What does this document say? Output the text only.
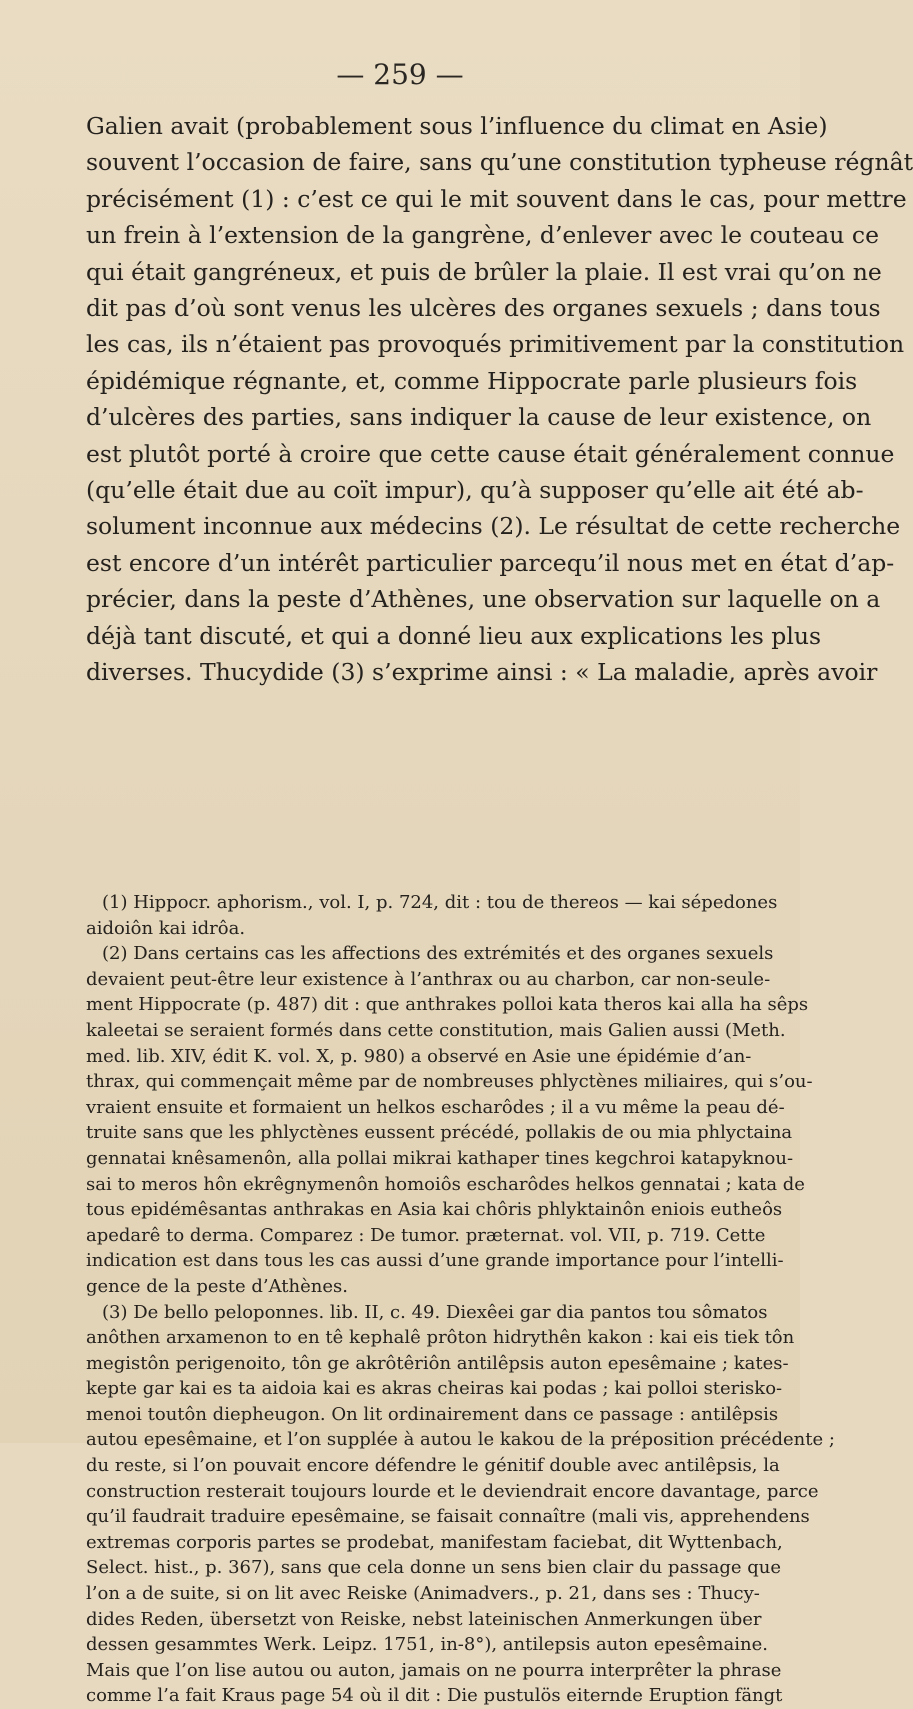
— 259 —
Galien avait (probablement sous l’influence du climat en Asie)
souvent l’occasion de faire, sans qu’une constitution typheuse régnât
précisément (1) : c’est ce qui le mit souvent dans le cas, pour mettre
un frein à l’extension de la gangrène, d’enlever avec le couteau ce
qui était gangréneux, et puis de brûler la plaie. Il est vrai qu’on ne
dit pas d’où sont venus les ulcères des organes sexuels ; dans tous
les cas, ils n’étaient pas provoqués primitivement par la constitution
épidémique régnante, et, comme Hippocrate parle plusieurs fois
d’ulcères des parties, sans indiquer la cause de leur existence, on
est plutôt porté à croire que cette cause était généralement connue
(qu’elle était due au coït impur), qu’à supposer qu’elle ait été ab-
solument inconnue aux médecins (2). Le résultat de cette recherche
est encore d’un intérêt particulier parcequ’il nous met en état d’ap-
précier, dans la peste d’Athènes, une observation sur laquelle on a
déjà tant discuté, et qui a donné lieu aux explications les plus
diverses. Thucydide (3) s’exprime ainsi : « La maladie, après avoir
(1) Hippocr. aphorism., vol. I, p. 724, dit : tou de thereos — kai sépedones
aidoiôn kai idrôa.
(2) Dans certains cas les affections des extrémités et des organes sexuels
devaient peut-être leur existence à l’anthrax ou au charbon, car non-seule-
ment Hippocrate (p. 487) dit : que anthrakes polloi kata theros kai alla ha sêps
kaleetai se seraient formés dans cette constitution, mais Galien aussi (Meth.
med. lib. XIV, édit K. vol. X, p. 980) a observé en Asie une épidémie d’an-
thrax, qui commençait même par de nombreuses phlyctènes miliaires, qui s’ou-
vraient ensuite et formaient un helkos escharôdes ; il a vu même la peau dé-
truite sans que les phlyctènes eussent précédé, pollakis de ou mia phlyctaina
gennatai knêsamenôn, alla pollai mikrai kathaper tines kegchroi katapyknou-
sai to meros hôn ekrêgnymenôn homoiôs escharôdes helkos gennatai ; kata de
tous epidémêsantas anthrakas en Asia kai chôris phlyktainôn eniois eutheôs
apedarê to derma. Comparez : De tumor. præternat. vol. VII, p. 719. Cette
indication est dans tous les cas aussi d’une grande importance pour l’intelli-
gence de la peste d’Athènes.
(3) De bello peloponnes. lib. II, c. 49. Diexêei gar dia pantos tou sômatos
anôthen arxamenon to en tê kephalê prôton hidrythên kakon : kai eis tiek tôn
megistôn perigenoito, tôn ge akrôtêriôn antilêpsis auton epesêmaine ; kates-
kepte gar kai es ta aidoia kai es akras cheiras kai podas ; kai polloi sterisko-
menoi toutôn diepheugon. On lit ordinairement dans ce passage : antilêpsis
autou epesêmaine, et l’on supplée à autou le kakou de la préposition précédente ;
du reste, si l’on pouvait encore défendre le génitif double avec antilêpsis, la
construction resterait toujours lourde et le deviendrait encore davantage, parce
qu’il faudrait traduire epesêmaine, se faisait connaître (mali vis, apprehendens
extremas corporis partes se prodebat, manifestam faciebat, dit Wyttenbach,
Select. hist., p. 367), sans que cela donne un sens bien clair du passage que
l’on a de suite, si on lit avec Reiske (Animadvers., p. 21, dans ses : Thucy-
dides Reden, übersetzt von Reiske, nebst lateinischen Anmerkungen über
dessen gesammtes Werk. Leipz. 1751, in-8°), antilepsis auton epesêmaine.
Mais que l’on lise autou ou auton, jamais on ne pourra interprêter la phrase
comme l’a fait Kraus page 54 où il dit : Die pustulös eiternde Eruption fängt
